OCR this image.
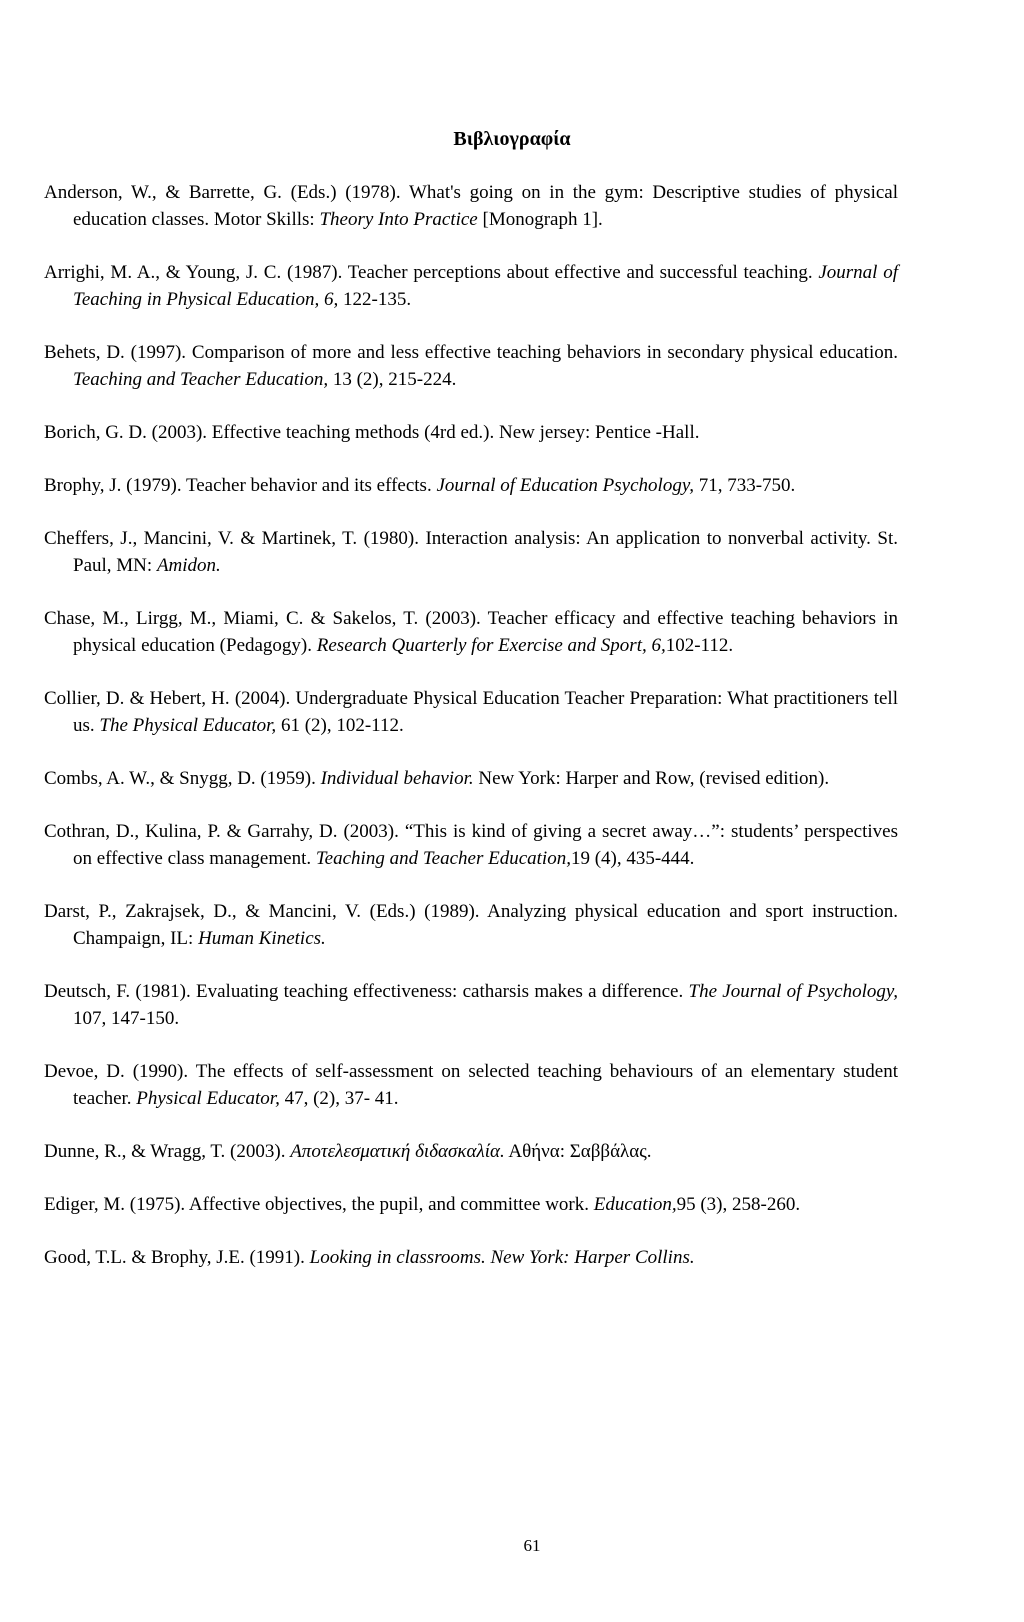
Βιβλιογραφία

Anderson, W., & Barrette, G. (Eds.) (1978). What's going on in the gym: Descriptive studies of physical education classes. Motor Skills: Theory Into Practice [Monograph 1].

Arrighi, M. A., & Young, J. C. (1987). Teacher perceptions about effective and successful teaching. Journal of Teaching in Physical Education, 6, 122-135.

Behets, D. (1997). Comparison of more and less effective teaching behaviors in secondary physical education. Teaching and Teacher Education, 13 (2), 215-224.

Borich, G. D. (2003). Effective teaching methods (4rd ed.). New jersey: Pentice -Hall.

Brophy, J. (1979). Teacher behavior and its effects. Journal of Education Psychology, 71, 733-750.

Cheffers, J., Mancini, V. & Martinek, T. (1980). Interaction analysis: An application to nonverbal activity. St. Paul, MN: Amidon.

Chase, M., Lirgg, M., Miami, C. & Sakelos, T. (2003). Teacher efficacy and effective teaching behaviors in physical education (Pedagogy). Research Quarterly for Exercise and Sport, 6,102-112.

Collier, D. & Hebert, H. (2004). Undergraduate Physical Education Teacher Preparation: What practitioners tell us. The Physical Educator, 61 (2), 102-112.

Combs, A. W., & Snygg, D. (1959). Individual behavior. New York: Harper and Row, (revised edition).

Cothran, D., Kulina, P. & Garrahy, D. (2003). “This is kind of giving a secret away…”: students’ perspectives on effective class management. Teaching and Teacher Education,19 (4), 435-444.

Darst, P., Zakrajsek, D., & Mancini, V. (Eds.) (1989). Analyzing physical education and sport instruction. Champaign, IL: Human Kinetics.

Deutsch, F. (1981). Evaluating teaching effectiveness: catharsis makes a difference. The Journal of Psychology, 107, 147-150.

Devoe, D. (1990). The effects of self-assessment on selected teaching behaviours of an elementary student teacher. Physical Educator, 47, (2), 37- 41.

Dunne, R., & Wragg, T. (2003). Αποτελεσματική διδασκαλία. Αθήνα: Σαββάλας.

Ediger, M. (1975). Affective objectives, the pupil, and committee work. Education,95 (3), 258-260.

Good, T.L. & Brophy, J.E. (1991). Looking in classrooms. New York: Harper Collins.

61
